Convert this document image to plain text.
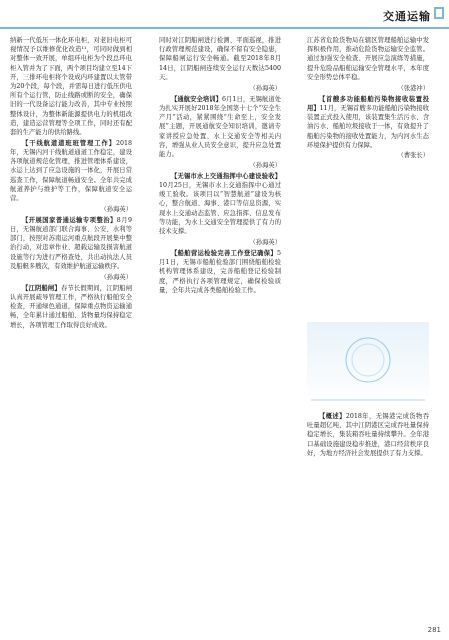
交通运输

纳新一代低压一体化环电柜，对老旧电柜可视情况予以维修优化改造¹¹，可同时做到相对整体一致开展，单组环电柜为个段总环电柜入管并为了下面，两个项目均建立至14下开，三排环电柜将个设成内环建置以太管带为20个段，每个段，并需每日进行低压供电所有个运行管，防止线路或断的安全，确保旧的一代设备运行能力改善，其中专业按照整体设计，为整体新能源提供电力的机组改造，建造运营管理等全项工作，同时还有配套的生产能力的供给路线。

【干线航道道班班管理工作】2018年，无锡内河干线航道通道工作稳定，建设各项航道规范化管理，推进管理体系建设，水运上达到了应急设施的一体化，开展日常巡查工作，保障航道畅通安全。全年共完成航道养护与维护等工作，保障航道安全运营。

（孙海英）

【开展国家普通运输专项整治】8月9日，无锡航道部门联合海事、公安、水利等部门，按照对苏南运河重点航段开展集中整治行动，对违章作业、超载运输及损害航道设施等行为进行严格查处，共出动执法人员及船艇多艘次，有效维护航道运输秩序。

（孙海英）

【江阴船闸】春节长假期间，江阴船闸认真开展疏导管理工作，严格执行船舶安全检查，开通绿色通道，保障重点物资运输通畅，全年累计通过船舶、货物量均保持稳定增长，各项管理工作取得良好成效。

同时对江阴船闸进行检测、平面巡视，推进行政管理规范建设，确保不留有安全隐患，保障船闸运行安全畅通。截至2018年8月14日，江阴船闸连续安全运行天数达5400天。

（孙海英）

【通航安全培训】6月1日，无锡航道处为扎实开展好2018年全国第十七个“安全生产月”活动，紧紧围绕“生命至上，安全发展”主题，开展通航安全知识培训，邀请专家讲授应急处置、水上交通安全等相关内容，增强从业人员安全意识，提升应急处置能力。

（孙海英）

【无锡市水上交通指挥中心建设验收】10月25日，无锡市水上交通指挥中心通过竣工验收。该项目以“智慧航道”建设为核心，整合航道、海事、港口等信息资源，实现水上交通动态监管、应急指挥、信息发布等功能，为水上交通安全管理提供了有力的技术支撑。

（孙海英）

【船舶营运检验完善工作登记确保】5月1日，无锡市船舶检验部门围绕船舶检验机构管理体系建设，完善船舶登记检验制度，严格执行各项管理规定，确保检验质量，全年共完成各类船舶检验工作。

江苏省危险货物局在辖区管理船舶运输中发挥积极作用，推动危险货物运输安全监管。通过加强安全检查、开展应急演练等措施，提升危险品船舶运输安全管理水平，本年度安全形势总体平稳。

（张港冲）

【首艘多功能船舶污染物接收装置投用】11月，无锡首艘多功能船舶污染物接收装置正式投入使用，该装置集生活污水、含油污水、船舶垃圾接收于一体，有效提升了船舶污染物的接收处置能力，为内河水生态环境保护提供有力保障。

（曹张长）

【概述】2018年，无锡港完成货物吞吐量超亿吨，其中江阴港区完成吞吐量保持稳定增长，集装箱吞吐量持续攀升。全年港口基础设施建设稳步推进，港口经营秩序良好，为地方经济社会发展提供了有力支撑。

281
